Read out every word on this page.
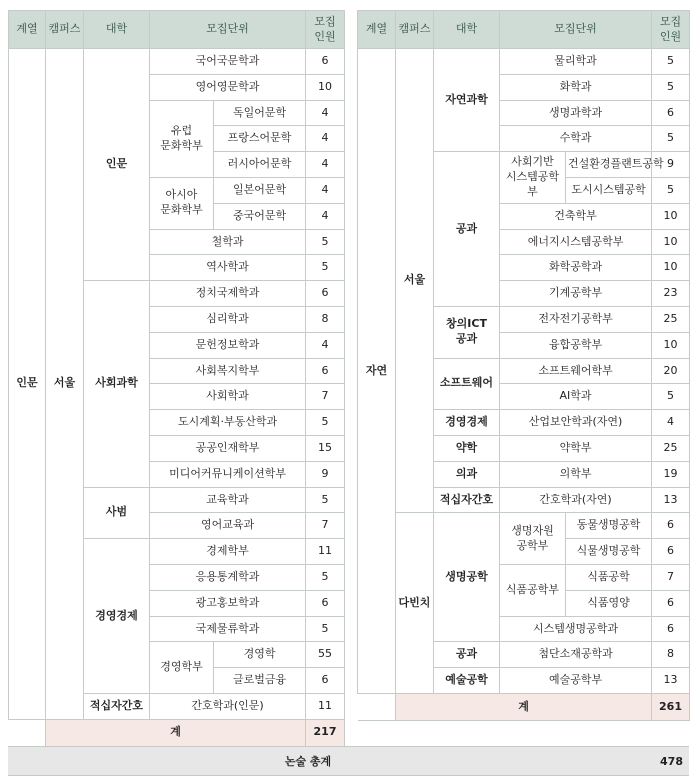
계열	캠퍼스	대학	모집단위		모집
인원
인문	서울	인문	국어국문학과		6
			영어영문학과		10
			유럽
문화학부	독일어문학	4
				프랑스어문학	4
				러시아어문학	4
			아시아
문화학부	일본어문학	4
				중국어문학	4
			철학과		5
			역사학과		5
		사회과학	정치국제학과		6
			심리학과		8
			문헌정보학과		4
			사회복지학부		6
			사회학과		7
			도시계획·부동산학과		5
			공공인재학부		15
			미디어커뮤니케이션학부		9
		사범	교육학과		5
			영어교육과		7
		경영경제	경제학부		11
			응용통계학과		5
			광고홍보학과		6
			국제물류학과		5
			경영학부	경영학	55
				글로벌금융	6
		적십자간호	간호학과(인문)		11
	계				217
계열	캠퍼스	대학	모집단위		모집
인원
자연	서울	자연과학	물리학과		5
			화학과		5
			생명과학과		6
			수학과		5
		공과	사회기반
시스템공학부	건설환경플랜트공학	9
				도시시스템공학	5
			건축학부		10
			에너지시스템공학부		10
			화학공학과		10
			기계공학부		23
		창의ICT
공과	전자전기공학부		25
			융합공학부		10
		소프트웨어	소프트웨어학부		20
			AI학과		5
		경영경제	산업보안학과(자연)		4
		약학	약학부		25
		의과	의학부		19
		적십자간호	간호학과(자연)		13
	다빈치	생명공학	생명자원
공학부	동물생명공학	6
				식물생명공학	6
			식품공학부	식품공학	7
				식품영양	6
			시스템생명공학과		6
		공과	첨단소재공학과		8
		예술공학	예술공학부		13
	계				261
논술 총계	478
